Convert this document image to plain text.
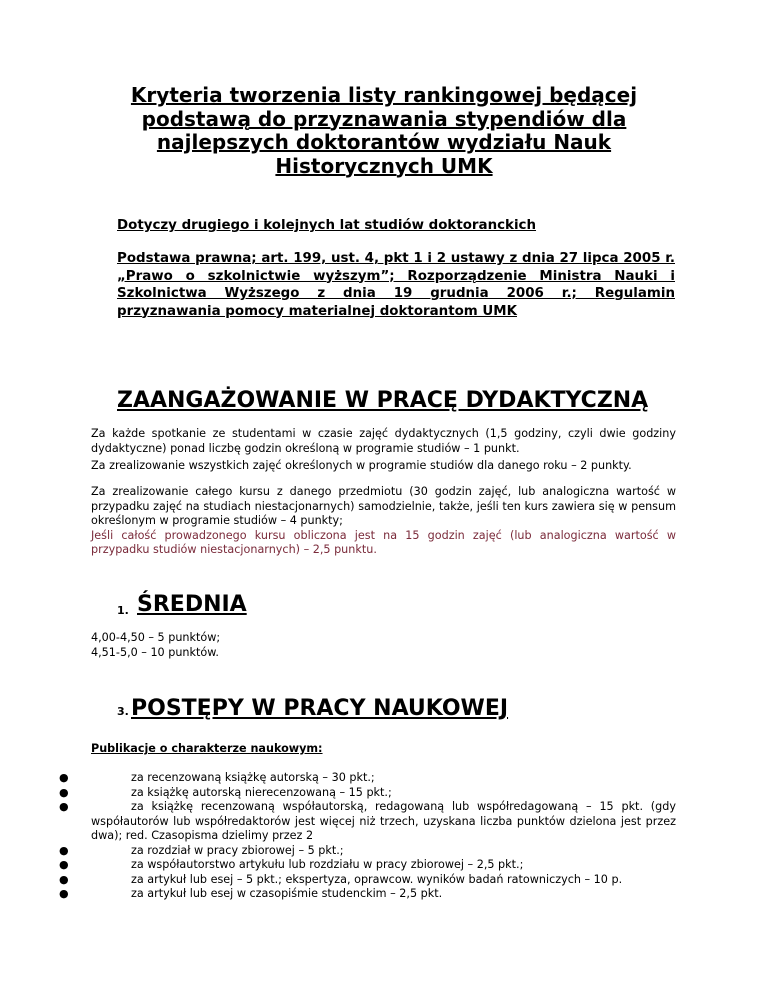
Kryteria tworzenia listy rankingowej będącej podstawą do przyznawania stypendiów dla najlepszych doktorantów wydziału Nauk Historycznych UMK
Dotyczy drugiego i kolejnych lat studiów doktoranckich
Podstawa prawna; art. 199, ust. 4, pkt 1 i 2 ustawy z dnia 27 lipca 2005 r. „Prawo o szkolnictwie wyższym”; Rozporządzenie Ministra Nauki i Szkolnictwa Wyższego z dnia 19 grudnia 2006 r.; Regulamin przyznawania pomocy materialnej doktorantom UMK
ZAANGAŻOWANIE W PRACĘ DYDAKTYCZNĄ
Za każde spotkanie ze studentami w czasie zajęć dydaktycznych (1,5 godziny, czyli dwie godziny dydaktyczne) ponad liczbę godzin określoną w programie studiów – 1 punkt.
Za zrealizowanie wszystkich zajęć określonych w programie studiów dla danego roku – 2 punkty.
Za zrealizowanie całego kursu z danego przedmiotu (30 godzin zajęć, lub analogiczna wartość w przypadku zajęć na studiach niestacjonarnych) samodzielnie, także, jeśli ten kurs zawiera się w pensum określonym w programie studiów – 4 punkty;
Jeśli całość prowadzonego kursu obliczona jest na 15 godzin zajęć (lub analogiczna wartość w przypadku studiów niestacjonarnych) – 2,5 punktu.
1. ŚREDNIA
4,00-4,50 – 5 punktów;
4,51-5,0 – 10 punktów.
3. POSTĘPY W PRACY NAUKOWEJ
Publikacje o charakterze naukowym:
●	za recenzowaną książkę autorską – 30 pkt.;
●	za książkę autorską nierecenzowaną – 15 pkt.;
●	za książkę recenzowaną współautorską, redagowaną lub współredagowaną – 15 pkt. (gdy współautorów lub współredaktorów jest więcej niż trzech, uzyskana liczba punktów dzielona jest przez dwa); red. Czasopisma dzielimy przez 2
●	za rozdział w pracy zbiorowej – 5 pkt.;
●	za współautorstwo artykułu lub rozdziału w pracy zbiorowej – 2,5 pkt.;
●	za artykuł lub esej – 5 pkt.; ekspertyza, oprawcow. wyników badań ratowniczych – 10 p.
●	za artykuł lub esej w czasopiśmie studenckim – 2,5 pkt.
